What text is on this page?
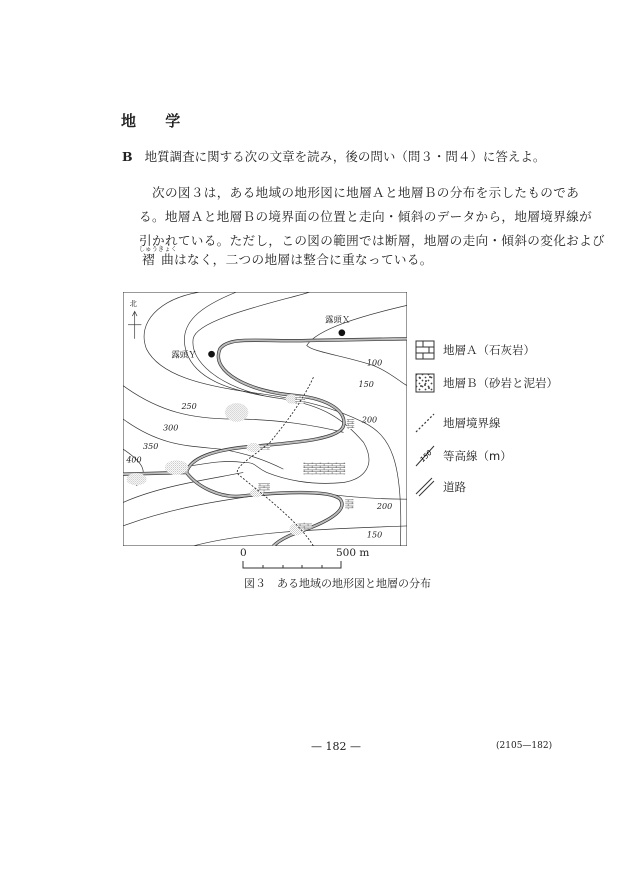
地 学
B 地質調査に関する次の文章を読み，後の問い（問３・問４）に答えよ。
次の図３は，ある地域の地形図に地層Ａと地層Ｂの分布を示したものであ
る。地層Ａと地層Ｂの境界面の位置と走向・傾斜のデータから，地層境界線が
引かれている。ただし，この図の範囲では断層，地層の走向・傾斜の変化および
褶曲しゅうきょくはなく，二つの地層は整合に重なっている。
100
150
200
250
300
350
400
200
150
露頭Ｘ
露頭Ｙ
北
地層Ａ（石灰岩）
地層Ｂ（砂岩と泥岩）
地層境界線
150 等高線（m）
道路
0	500 m
図３　ある地域の地形図と地層の分布
— 182 —	(2105—182)
